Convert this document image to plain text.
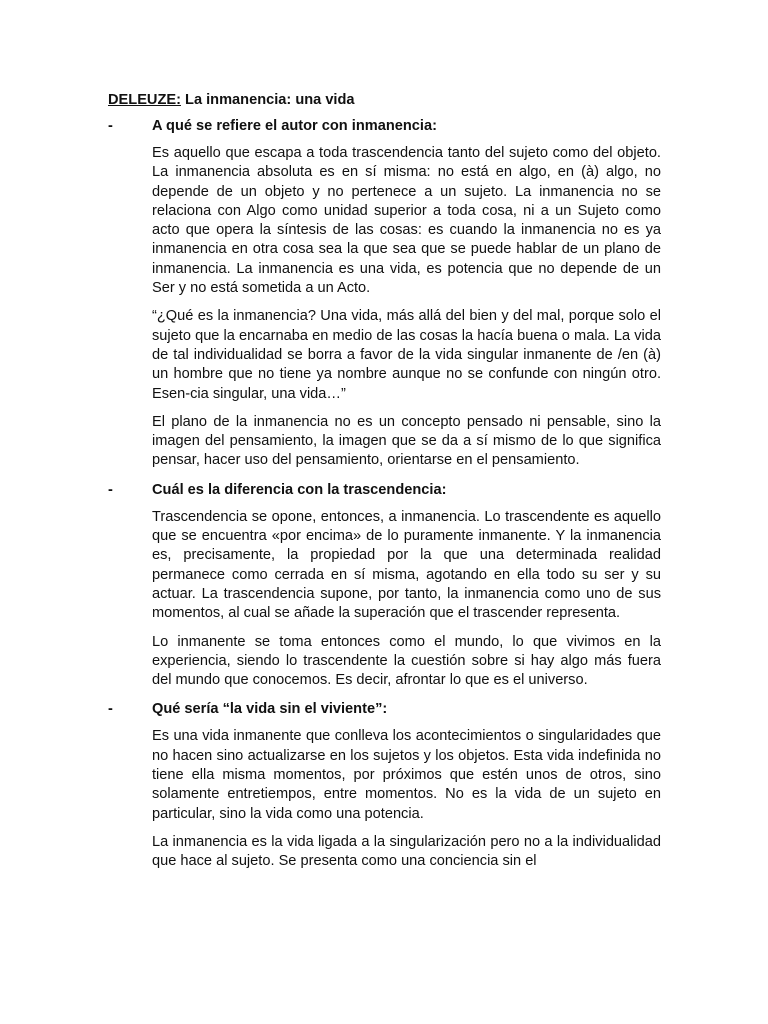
DELEUZE: La inmanencia: una vida
-	A qué se refiere el autor con inmanencia:

Es aquello que escapa a toda trascendencia tanto del sujeto como del objeto. La inmanencia absoluta es en sí misma: no está en algo, en (à) algo, no depende de un objeto y no pertenece a un sujeto. La inmanencia no se relaciona con Algo como unidad superior a toda cosa, ni a un Sujeto como acto que opera la síntesis de las cosas: es cuando la inmanencia no es ya inmanencia en otra cosa sea la que sea que se puede hablar de un plano de inmanencia. La inmanencia es una vida, es potencia que no depende de un Ser y no está sometida a un Acto.

“¿Qué es la inmanencia? Una vida, más allá del bien y del mal, porque solo el sujeto que la encarnaba en medio de las cosas la hacía buena o mala. La vida de tal individualidad se borra a favor de la vida singular inmanente de /en (à) un hombre que no tiene ya nombre aunque no se confunde con ningún otro. Esen-cia singular, una vida…”

El plano de la inmanencia no es un concepto pensado ni pensable, sino la imagen del pensamiento, la imagen que se da a sí mismo de lo que significa pensar, hacer uso del pensamiento, orientarse en el pensamiento.

-	Cuál es la diferencia con la trascendencia:

Trascendencia se opone, entonces, a inmanencia. Lo trascendente es aquello que se encuentra «por encima» de lo puramente inmanente. Y la inmanencia es, precisamente, la propiedad por la que una determinada realidad permanece como cerrada en sí misma, agotando en ella todo su ser y su actuar. La trascendencia supone, por tanto, la inmanencia como uno de sus momentos, al cual se añade la superación que el trascender representa.

Lo inmanente se toma entonces como el mundo, lo que vivimos en la experiencia, siendo lo trascendente la cuestión sobre si hay algo más fuera del mundo que conocemos. Es decir, afrontar lo que es el universo.

-	Qué sería “la vida sin el viviente”:

Es una vida inmanente que conlleva los acontecimientos o singularidades que no hacen sino actualizarse en los sujetos y los objetos. Esta vida indefinida no tiene ella misma momentos, por próximos que estén unos de otros, sino solamente entretiempos, entre momentos. No es la vida de un sujeto en particular, sino la vida como una potencia.

La inmanencia es la vida ligada a la singularización pero no a la individualidad que hace al sujeto. Se presenta como una conciencia sin el
